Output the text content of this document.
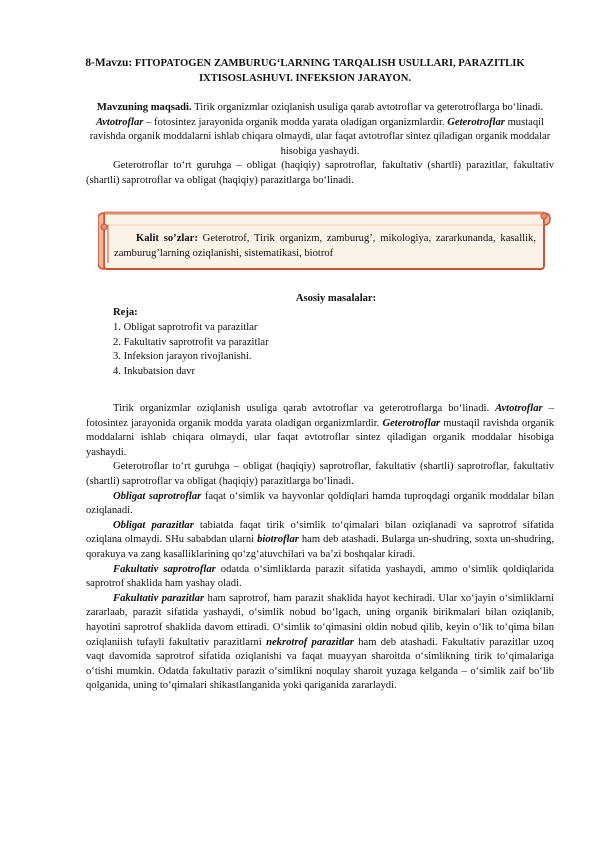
8-Mavzu: FITOPATOGEN ZAMBURUG‘LARNING TARQALISH USULLARI, PARAZITLIK IXTISOSLASHUVI. INFEKSION JARAYON.

Mavzuning maqsadi. Tirik organizmlar oziqlanish usuliga qarab avtotroflar va geterotroflarga bo‘linadi. Avtotroflar – fotosintez jarayonida organik modda yarata oladigan organizmlardir. Geterotroflar mustaqil ravishda organik moddalarni ishlab chiqara olmaydi, ular faqat avtotroflar sintez qiladigan organik moddalar hisobiga yashaydi.

Geterotroflar to‘rt guruhga – obligat (haqiqiy) saprotroflar, fakultativ (shartli) parazitlar, fakultativ (shartli) saprotroflar va obligat (haqiqiy) parazitlarga bo‘linadi.

Kalit so’zlar: Geterotrof, Tirik organizm, zamburug’, mikologiya, zararkunanda, kasallik, zamburug’larning oziqlanishi, sistematikasi, biotrof

Asosiy masalalar:

Reja:

1. Obligat saprotrofit va parazitlar

2. Fakultativ saprotrofit va parazitlar

3. Infeksion jarayon rivojlanishi.

4. Inkubatsion davr

Tirik organizmlar oziqlanish usuliga qarab avtotroflar va geterotroflarga bo‘linadi. Avtotroflar – fotosintez jarayonida organik modda yarata oladigan organizmlardir. Geterotroflar mustaqil ravishda organik moddalarni ishlab chiqara olmaydi, ular faqat avtotroflar sintez qiladigan organik moddalar hisobiga yashaydi.

Geterotroflar to‘rt guruhga – obligat (haqiqiy) saprotroflar, fakultativ (shartli) saprotroflar, fakultativ (shartli) saprotroflar va obligat (haqiqiy) parazitlarga bo‘linadi.

Obligat saprotroflar faqat o‘simlik va hayvonlar qoldiqlari hamda tuproqdagi organik moddalar bilan oziqlanadi.

Obligat parazitlar tabiatda faqat tirik o‘simlik to‘qimalari bilan oziqlanadi va saprotrof sifatida oziqlana olmaydi. SHu sababdan ularni biotroflar ham deb atashadi. Bularga un-shudring, soxta un-shudring, qorakuya va zang kasalliklarining qo‘zg‘atuvchilari va ba’zi boshqalar kiradi.

Fakultativ saprotroflar odatda o‘simliklarda parazit sifatida yashaydi, ammo o‘simlik qoldiqlarida saprotrof shaklida ham yashay oladi.

Fakultativ parazitlar ham saprotrof, ham parazit shaklida hayot kechiradi. Ular xo‘jayin o‘simliklarni zararlaab, parazit sifatida yashaydi, o‘simlik nobud bo‘lgach, uning organik birikmalari bilan oziqlanib, hayotini saprotrof shaklida davom ettiradi. O‘simlik to‘qimasini oldin nobud qilib, keyin o‘lik to‘qima bilan oziqlaniish tufayli fakultativ parazitlarni nekrotrof parazitlar ham deb atashadi. Fakultativ parazitlar uzoq vaqt davomida saprotrof sifatida oziqlanishi va faqat muayyan sharoitda o‘simlikning tirik to‘qimalariga o‘tishi mumkin. Odatda fakultativ parazit o‘simlikni noqulay sharoit yuzaga kelganda – o‘simlik zaif bo‘lib qolganida, uning to‘qimalari shikastlanganida yoki qariganida zararlaydi.
